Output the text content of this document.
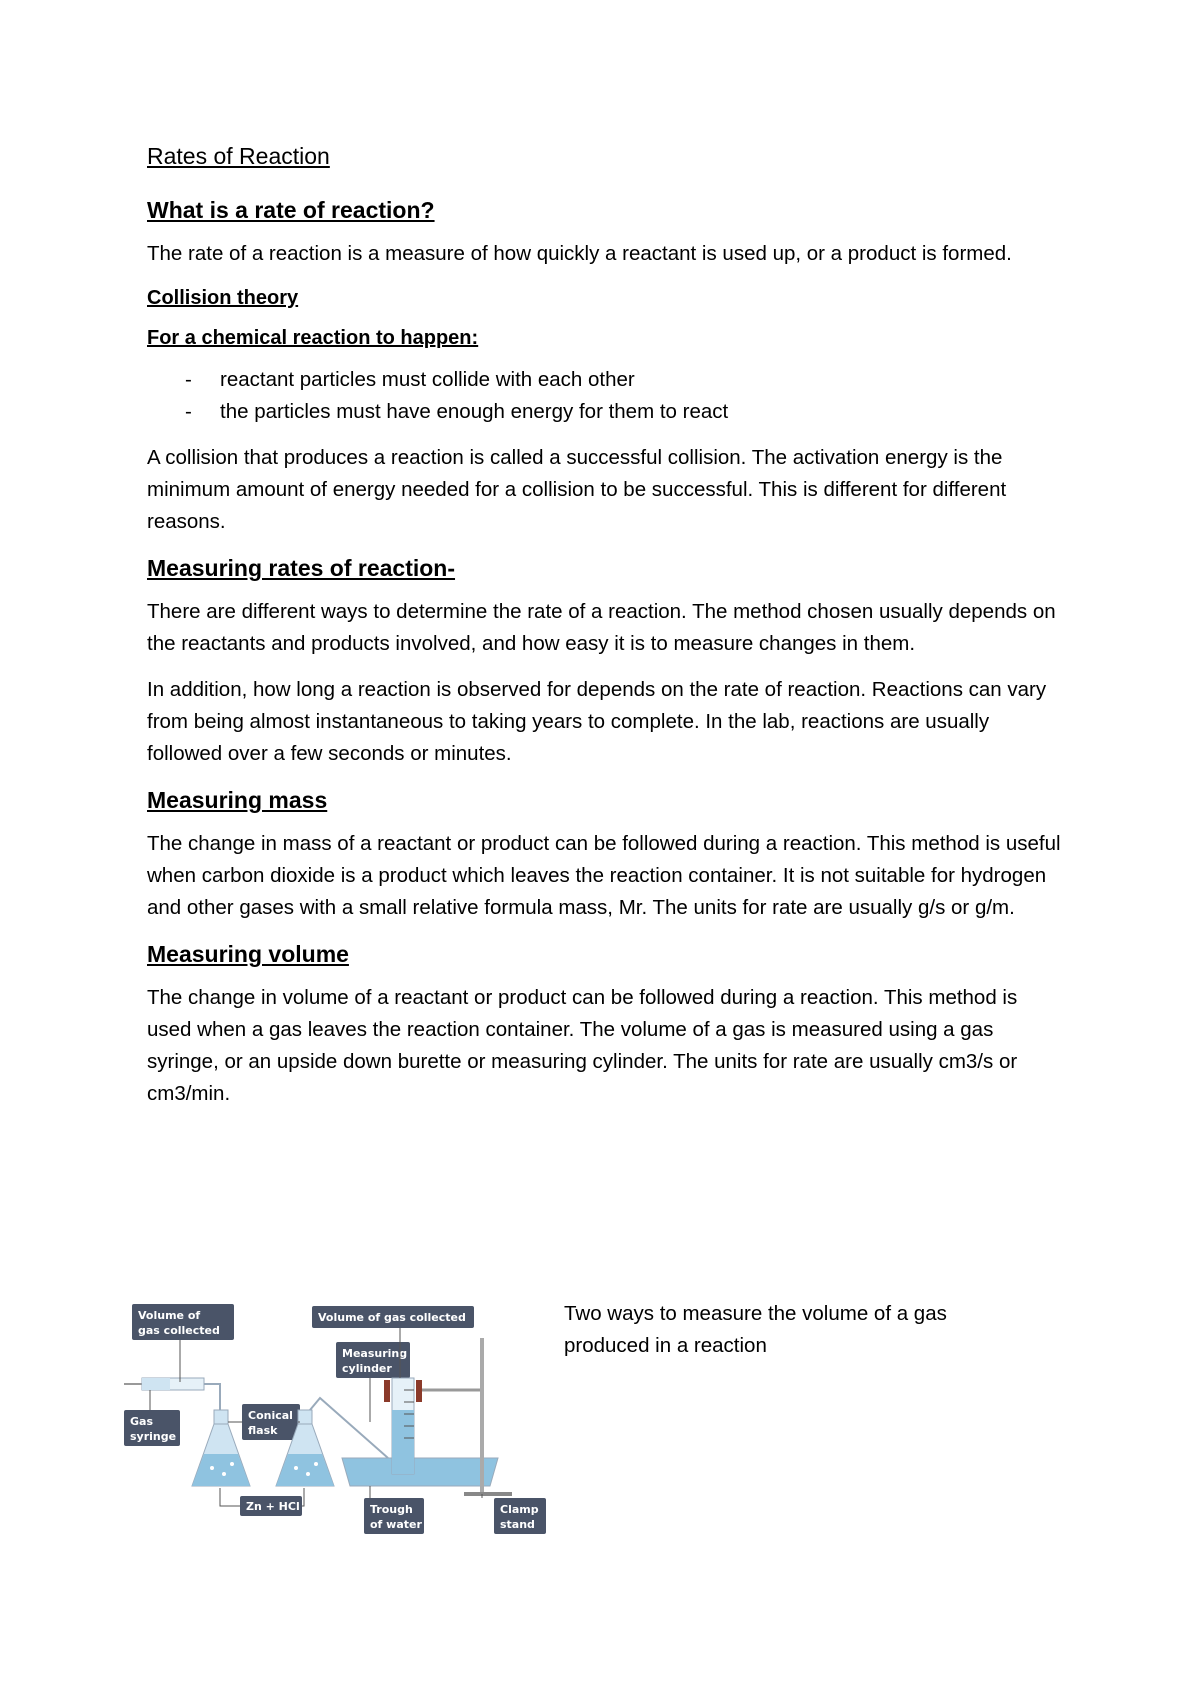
Rates of Reaction
What is a rate of reaction?

The rate of a reaction is a measure of how quickly a reactant is used up, or a product is formed.

Collision theory
For a chemical reaction to happen:
- reactant particles must collide with each other
- the particles must have enough energy for them to react

A collision that produces a reaction is called a successful collision. The activation energy is the minimum amount of energy needed for a collision to be successful. This is different for different reasons.

Measuring rates of reaction-

There are different ways to determine the rate of a reaction. The method chosen usually depends on the reactants and products involved, and how easy it is to measure changes in them.

In addition, how long a reaction is observed for depends on the rate of reaction. Reactions can vary from being almost instantaneous to taking years to complete. In the lab, reactions are usually followed over a few seconds or minutes.

Measuring mass

The change in mass of a reactant or product can be followed during a reaction. This method is useful when carbon dioxide is a product which leaves the reaction container. It is not suitable for hydrogen and other gases with a small relative formula mass, Mr. The units for rate are usually g/s or g/m.

Measuring volume

The change in volume of a reactant or product can be followed during a reaction. This method is used when a gas leaves the reaction container. The volume of a gas is measured using a gas syringe, or an upside down burette or measuring cylinder. The units for rate are usually cm3/s or cm3/min.

Volume of
gas collected
Volume of gas collected
Measuring
cylinder
Gas
syringe
Conical
flask
Zn + HCl	Trough
of water
Clamp
stand
Two ways to measure the volume of a gas produced in a reaction
